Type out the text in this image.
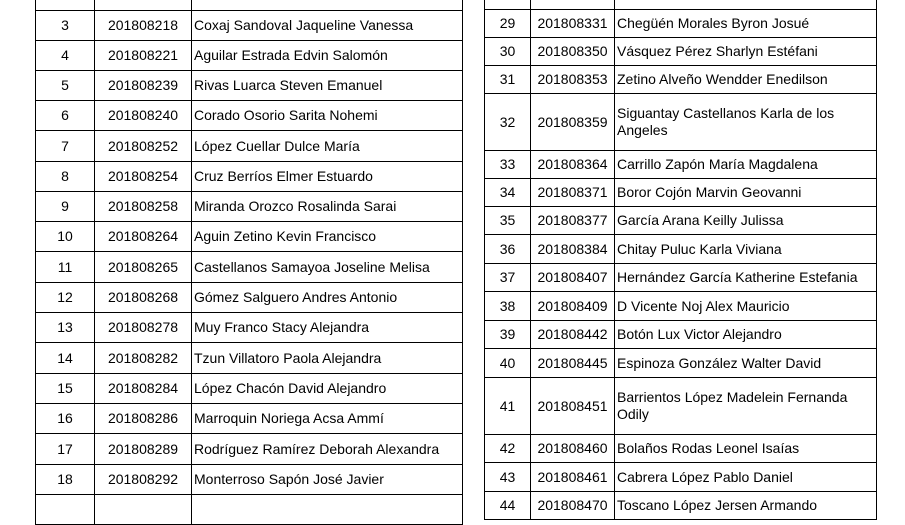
3	201808218	Coxaj Sandoval Jaqueline Vanessa
4	201808221	Aguilar Estrada Edvin Salomón
5	201808239	Rivas Luarca Steven Emanuel
6	201808240	Corado Osorio Sarita Nohemi
7	201808252	López Cuellar Dulce María
8	201808254	Cruz Berríos Elmer Estuardo
9	201808258	Miranda Orozco Rosalinda Sarai
10	201808264	Aguin Zetino Kevin Francisco
11	201808265	Castellanos Samayoa Joseline Melisa
12	201808268	Gómez Salguero Andres Antonio
13	201808278	Muy Franco Stacy Alejandra
14	201808282	Tzun Villatoro Paola Alejandra
15	201808284	López Chacón David Alejandro
16	201808286	Marroquin Noriega Acsa Ammí
17	201808289	Rodríguez Ramírez Deborah Alexandra
18	201808292	Monterroso Sapón José Javier

29	201808331	Chegüén Morales Byron Josué
30	201808350	Vásquez Pérez Sharlyn Estéfani
31	201808353	Zetino Alveño Wendder Enedilson
32	201808359	Siguantay Castellanos Karla de los Angeles
33	201808364	Carrillo Zapón María Magdalena
34	201808371	Boror Cojón Marvin Geovanni
35	201808377	García Arana Keilly Julissa
36	201808384	Chitay Puluc Karla Viviana
37	201808407	Hernández García Katherine Estefania
38	201808409	D Vicente Noj Alex Mauricio
39	201808442	Botón Lux Victor Alejandro
40	201808445	Espinoza González Walter David
41	201808451	Barrientos López Madelein Fernanda Odily
42	201808460	Bolaños Rodas Leonel Isaías
43	201808461	Cabrera López Pablo Daniel
44	201808470	Toscano López Jersen Armando
